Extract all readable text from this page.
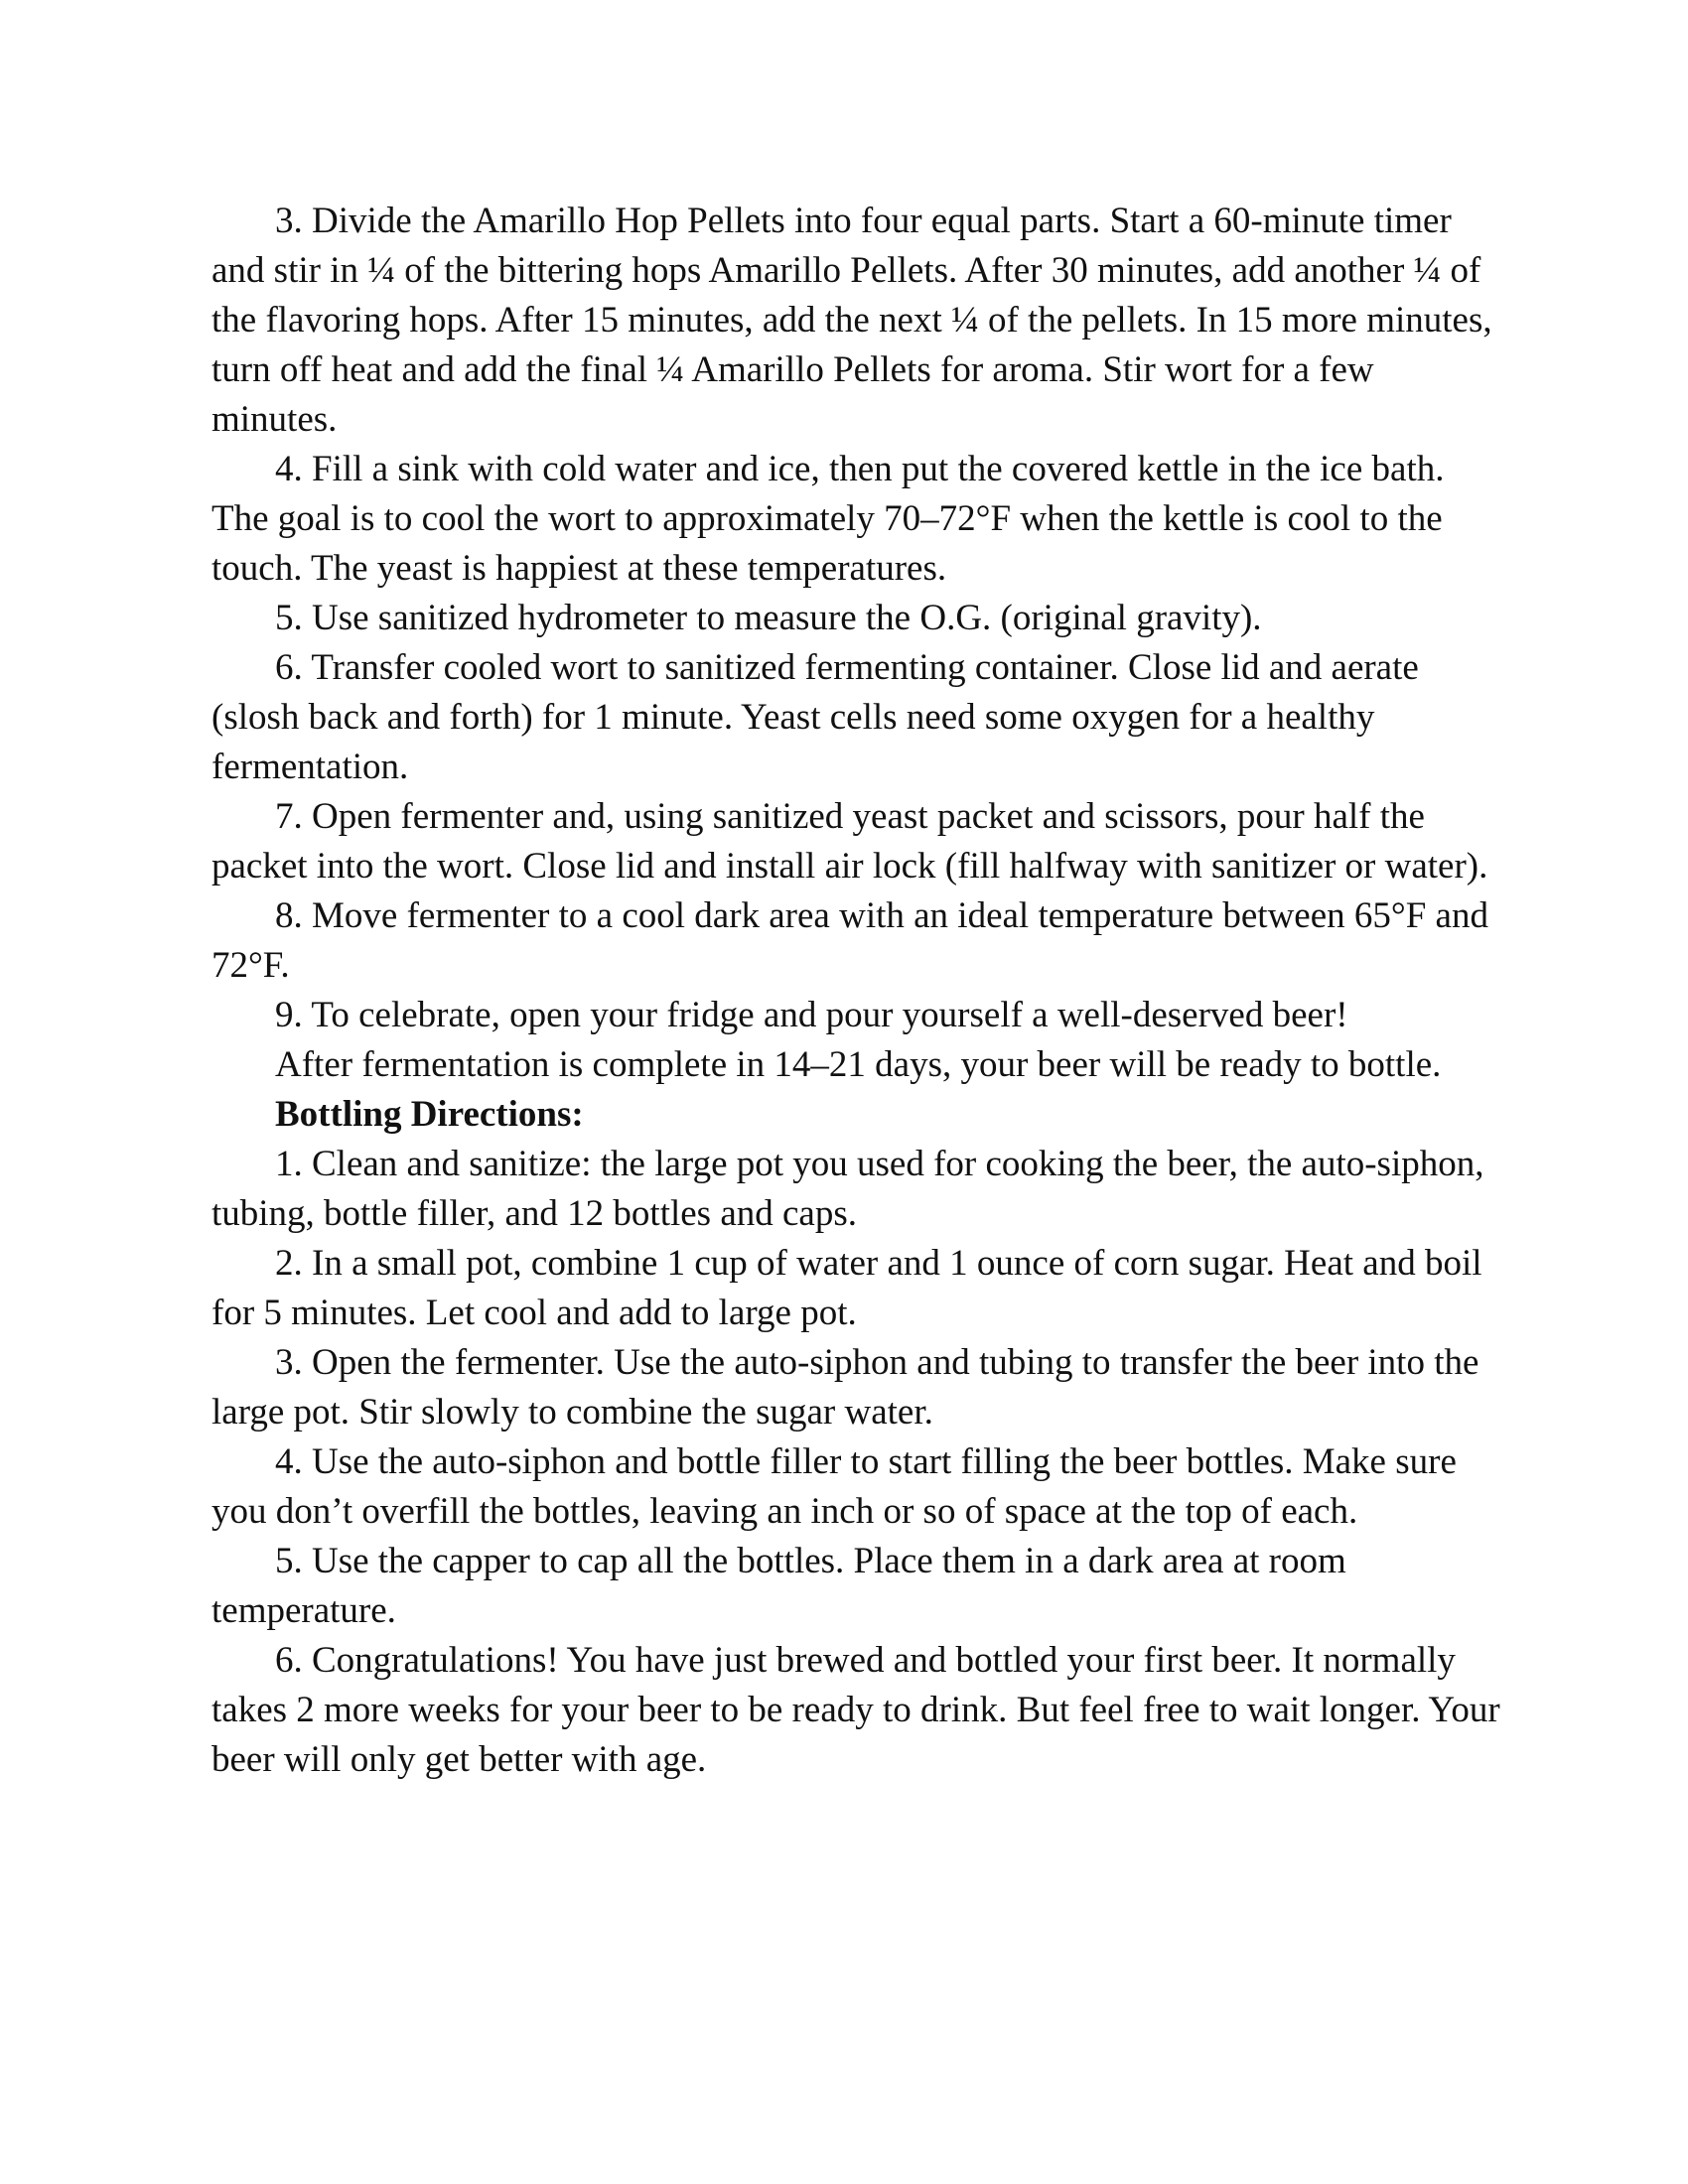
3. Divide the Amarillo Hop Pellets into four equal parts. Start a 60-minute timer and stir in ¼ of the bittering hops Amarillo Pellets. After 30 minutes, add another ¼ of the flavoring hops. After 15 minutes, add the next ¼ of the pellets. In 15 more minutes, turn off heat and add the final ¼ Amarillo Pellets for aroma. Stir wort for a few minutes.

4. Fill a sink with cold water and ice, then put the covered kettle in the ice bath. The goal is to cool the wort to approximately 70–72°F when the kettle is cool to the touch. The yeast is happiest at these temperatures.

5. Use sanitized hydrometer to measure the O.G. (original gravity).

6. Transfer cooled wort to sanitized fermenting container. Close lid and aerate (slosh back and forth) for 1 minute. Yeast cells need some oxygen for a healthy fermentation.

7. Open fermenter and, using sanitized yeast packet and scissors, pour half the packet into the wort. Close lid and install air lock (fill halfway with sanitizer or water).

8. Move fermenter to a cool dark area with an ideal temperature between 65°F and 72°F.

9. To celebrate, open your fridge and pour yourself a well-deserved beer!

After fermentation is complete in 14–21 days, your beer will be ready to bottle.

Bottling Directions:

1. Clean and sanitize: the large pot you used for cooking the beer, the auto-siphon, tubing, bottle filler, and 12 bottles and caps.

2. In a small pot, combine 1 cup of water and 1 ounce of corn sugar. Heat and boil for 5 minutes. Let cool and add to large pot.

3. Open the fermenter. Use the auto-siphon and tubing to transfer the beer into the large pot. Stir slowly to combine the sugar water.

4. Use the auto-siphon and bottle filler to start filling the beer bottles. Make sure you don’t overfill the bottles, leaving an inch or so of space at the top of each.

5. Use the capper to cap all the bottles. Place them in a dark area at room temperature.

6. Congratulations! You have just brewed and bottled your first beer. It normally takes 2 more weeks for your beer to be ready to drink. But feel free to wait longer. Your beer will only get better with age.
